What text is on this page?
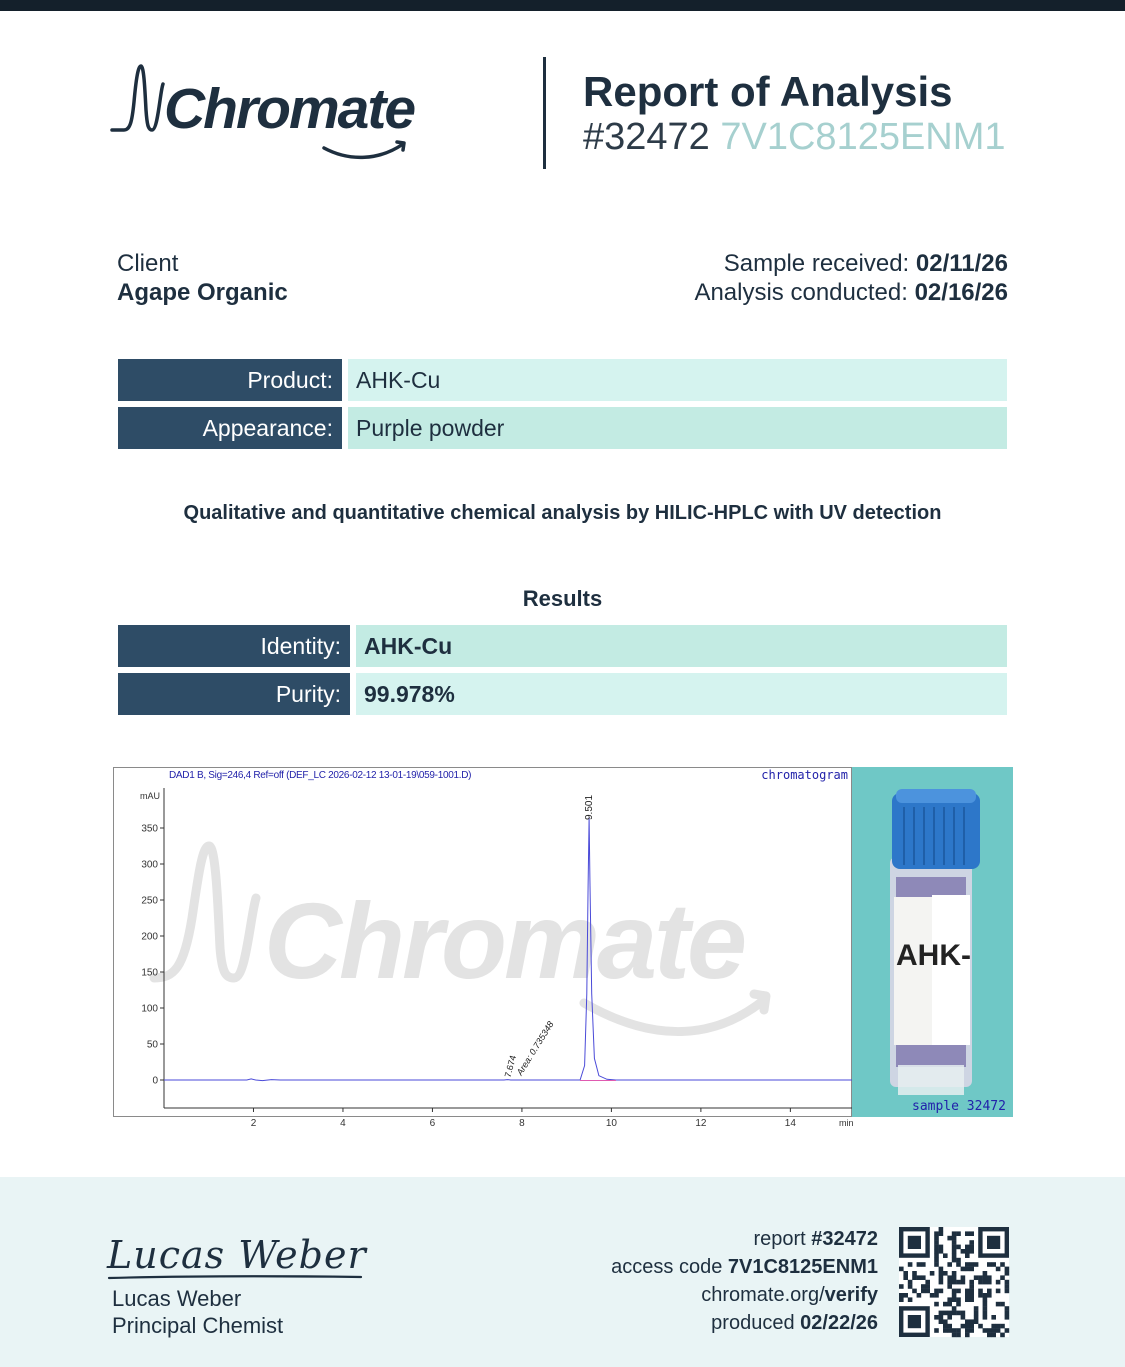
Chromate	Report of Analysis
#32472 7V1C8125ENM1
Client
Agape Organic
Sample received: 02/11/26
Analysis conducted: 02/16/26
Product:	AHK-Cu
Appearance:	Purple powder
Qualitative and quantitative chemical analysis by HILIC-HPLC with UV detection
Results
Identity:	AHK-Cu
Purity:	99.978%
Chromate
mAU
0
50
100
150
200
250
300
350
2	4	6	8	10	12	14	min
9.501
7.674
Area: 0.735348
DAD1 B, Sig=246,4 Ref=off (DEF_LC 2026-02-12 13-01-19\059-1001.D)	chromatogram
AHK-
sample 32472
Lucas Weber
Lucas Weber
Principal Chemist
report #32472
access code 7V1C8125ENM1
chromate.org/verify
produced 02/22/26
